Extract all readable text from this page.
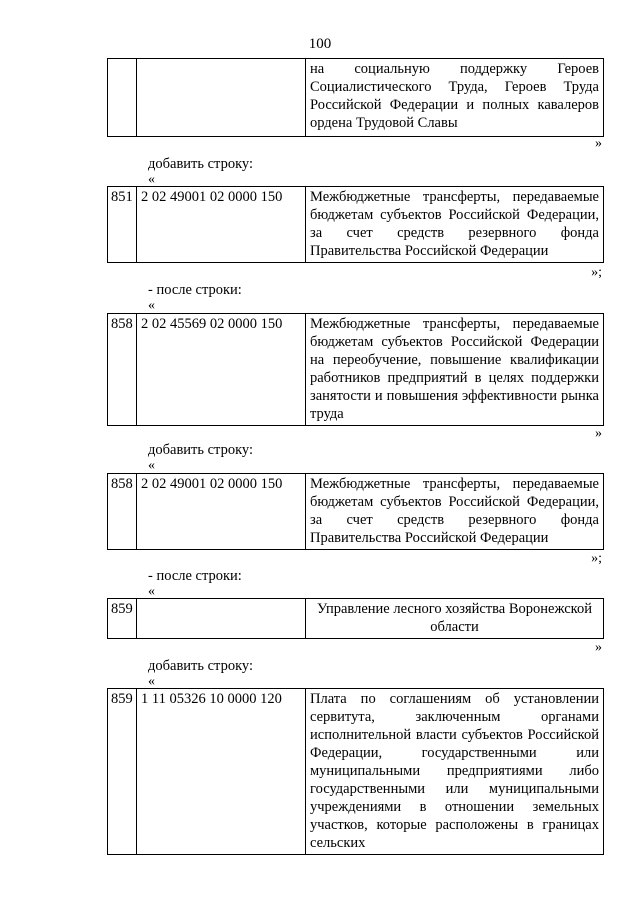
100
		на социальную поддержку Героев Социалистического Труда, Героев Труда Российской Федерации и полных кавалеров ордена Трудовой Славы
»
добавить строку:
«
851	2 02 49001 02 0000 150	Межбюджетные трансферты, передаваемые бюджетам субъектов Российской Федерации, за счет средств резервного фонда Правительства Российской Федерации
»;
- после строки:
«
858	2 02 45569 02 0000 150	Межбюджетные трансферты, передаваемые бюджетам субъектов Российской Федерации на переобучение, повышение квалификации работников предприятий в целях поддержки занятости и повышения эффективности рынка труда
»
добавить строку:
«
858	2 02 49001 02 0000 150	Межбюджетные трансферты, передаваемые бюджетам субъектов Российской Федерации, за счет средств резервного фонда Правительства Российской Федерации
»;
- после строки:
«
859		Управление лесного хозяйства Воронежской области
»
добавить строку:
«
859	1 11 05326 10 0000 120	Плата по соглашениям об установлении сервитута, заключенным органами исполнительной власти субъектов Российской Федерации, государственными или муниципальными предприятиями либо государственными или муниципальными учреждениями в отношении земельных участков, которые расположены в границах сельских
